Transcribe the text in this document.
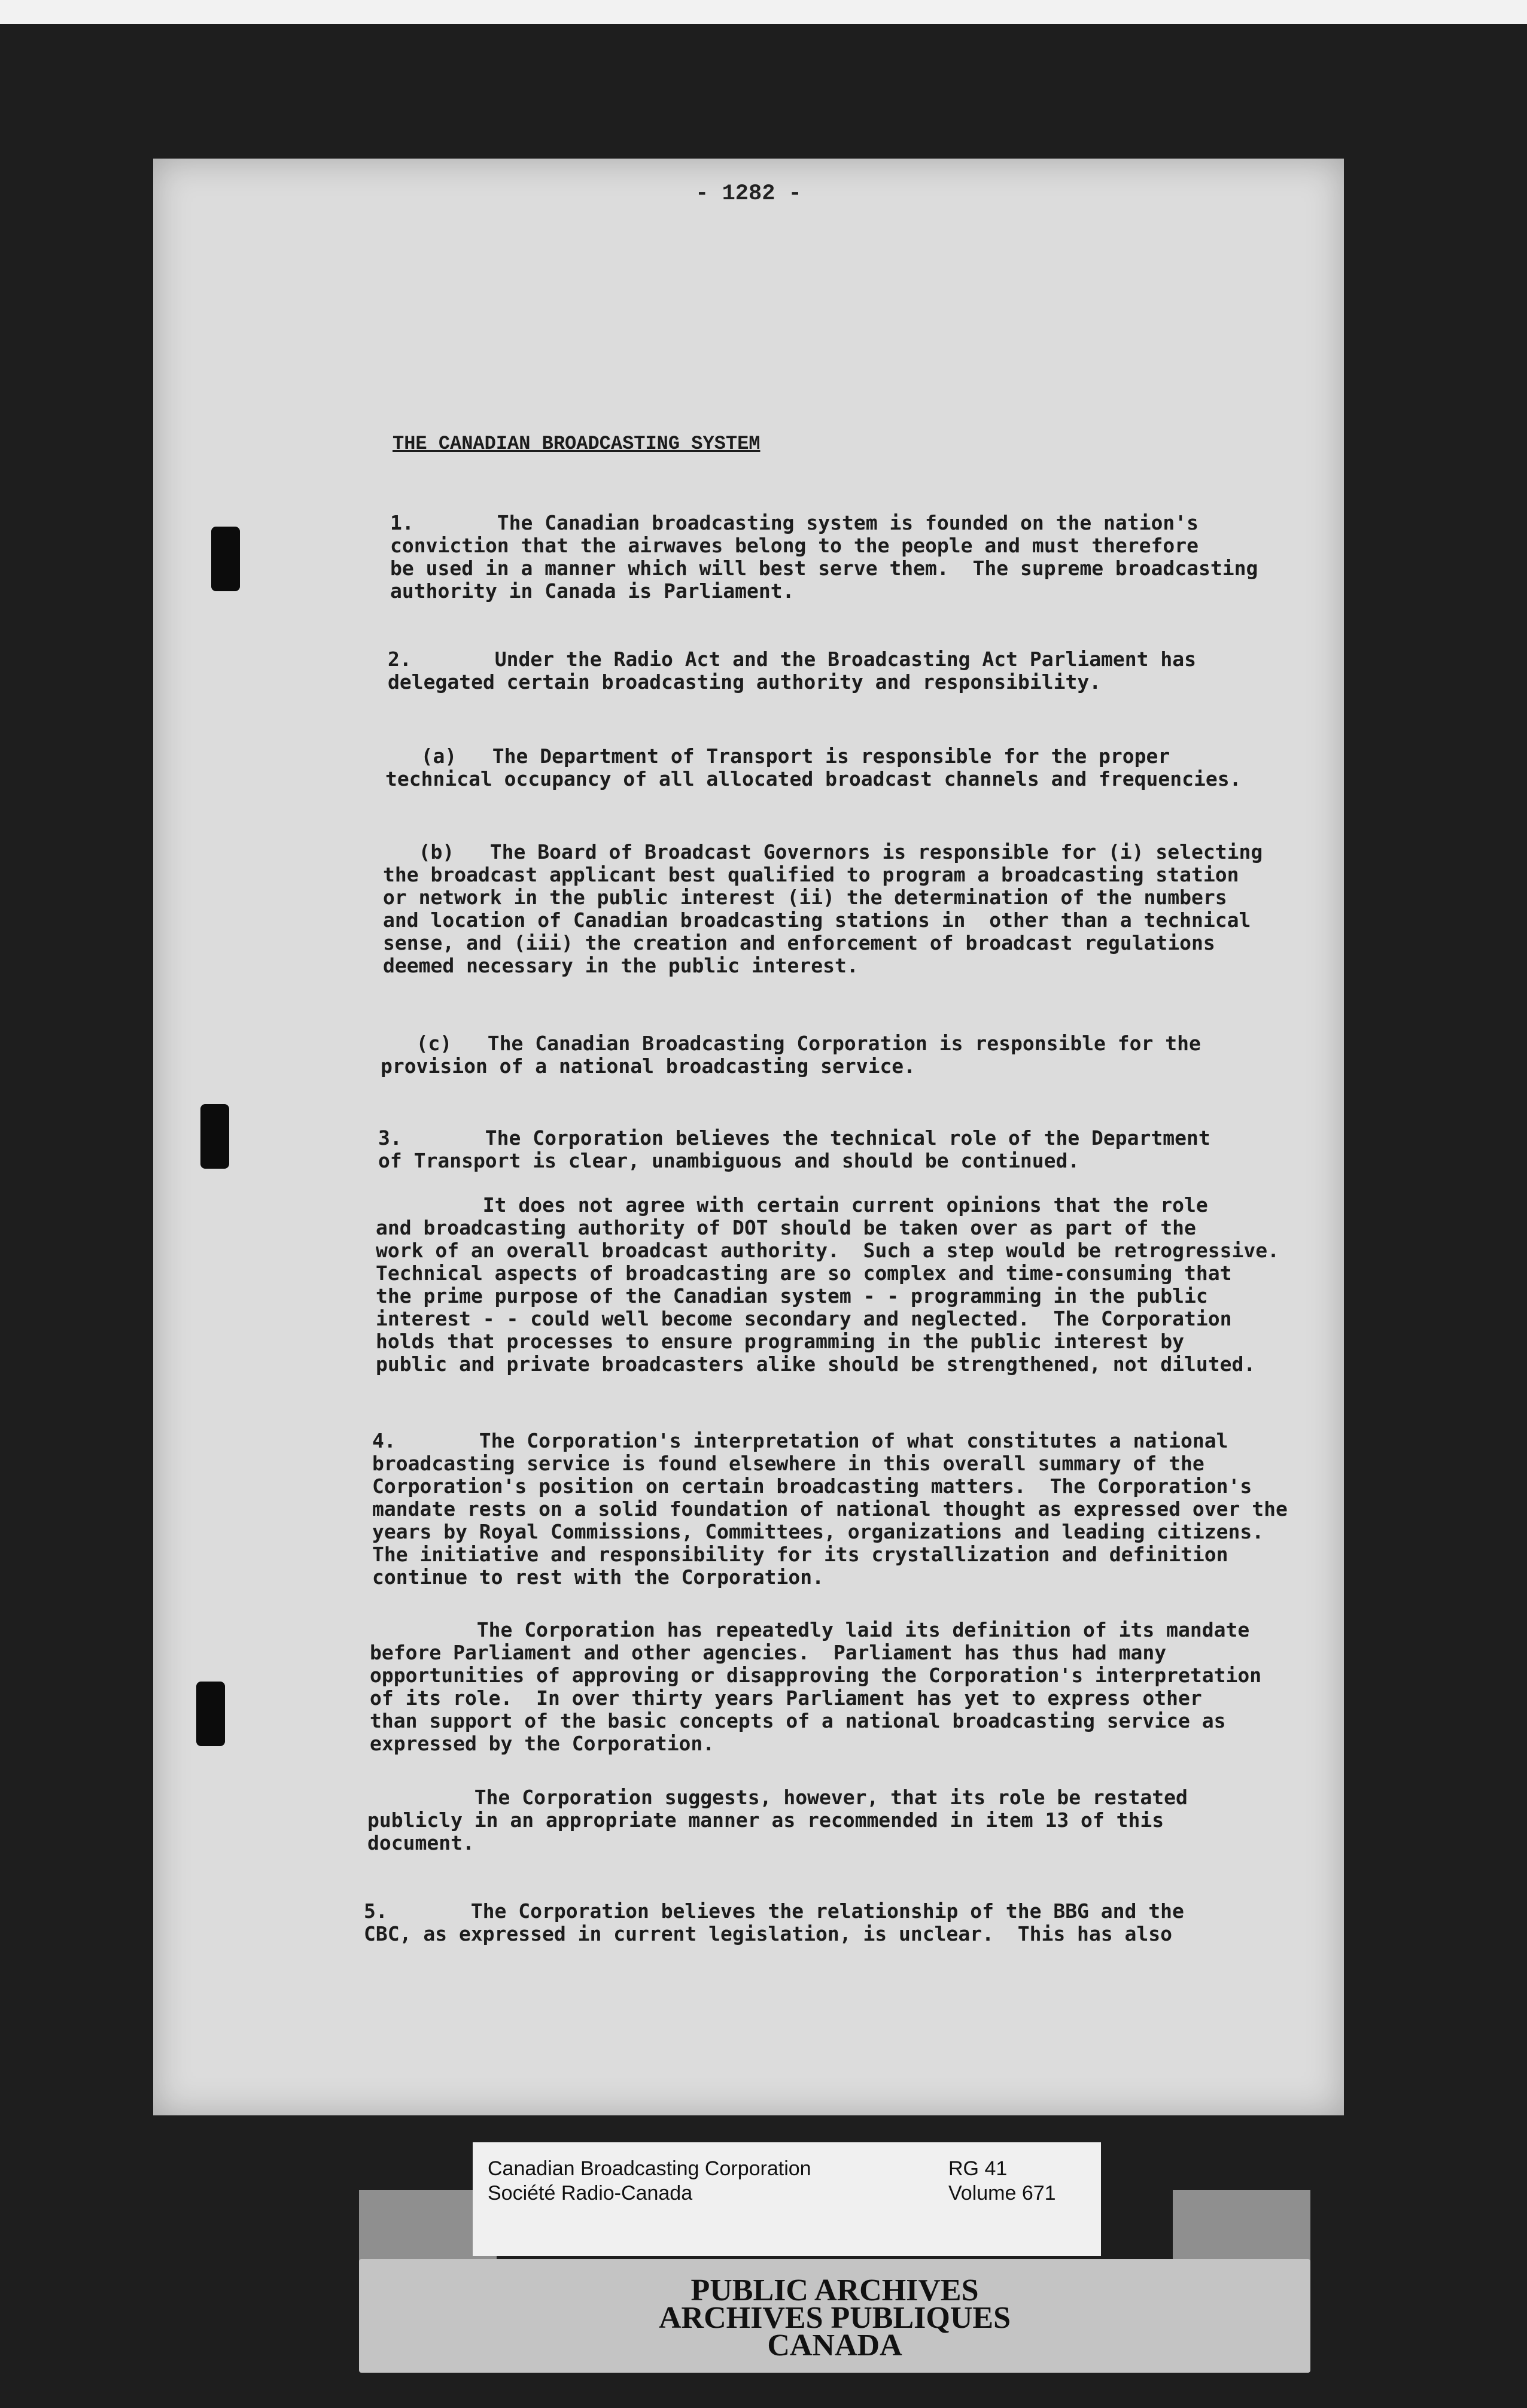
- 1282 -
THE CANADIAN BROADCASTING SYSTEM
1.       The Canadian broadcasting system is founded on the nation's
conviction that the airwaves belong to the people and must therefore
be used in a manner which will best serve them.  The supreme broadcasting
authority in Canada is Parliament.
2.       Under the Radio Act and the Broadcasting Act Parliament has
delegated certain broadcasting authority and responsibility.
(a)   The Department of Transport is responsible for the proper
technical occupancy of all allocated broadcast channels and frequencies.
(b)   The Board of Broadcast Governors is responsible for (i) selecting
the broadcast applicant best qualified to program a broadcasting station
or network in the public interest (ii) the determination of the numbers
and location of Canadian broadcasting stations in  other than a technical
sense, and (iii) the creation and enforcement of broadcast regulations
deemed necessary in the public interest.
(c)   The Canadian Broadcasting Corporation is responsible for the
provision of a national broadcasting service.
3.       The Corporation believes the technical role of the Department
of Transport is clear, unambiguous and should be continued.
It does not agree with certain current opinions that the role
and broadcasting authority of DOT should be taken over as part of the
work of an overall broadcast authority.  Such a step would be retrogressive.
Technical aspects of broadcasting are so complex and time-consuming that
the prime purpose of the Canadian system - - programming in the public
interest - - could well become secondary and neglected.  The Corporation
holds that processes to ensure programming in the public interest by
public and private broadcasters alike should be strengthened, not diluted.
4.       The Corporation's interpretation of what constitutes a national
broadcasting service is found elsewhere in this overall summary of the
Corporation's position on certain broadcasting matters.  The Corporation's
mandate rests on a solid foundation of national thought as expressed over the
years by Royal Commissions, Committees, organizations and leading citizens.
The initiative and responsibility for its crystallization and definition
continue to rest with the Corporation.
The Corporation has repeatedly laid its definition of its mandate
before Parliament and other agencies.  Parliament has thus had many
opportunities of approving or disapproving the Corporation's interpretation
of its role.  In over thirty years Parliament has yet to express other
than support of the basic concepts of a national broadcasting service as
expressed by the Corporation.
The Corporation suggests, however, that its role be restated
publicly in an appropriate manner as recommended in item 13 of this
document.
5.       The Corporation believes the relationship of the BBG and the
CBC, as expressed in current legislation, is unclear.  This has also
Canadian Broadcasting Corporation
Société Radio-Canada
RG 41
Volume 671
PUBLIC ARCHIVES
ARCHIVES PUBLIQUES
CANADA
